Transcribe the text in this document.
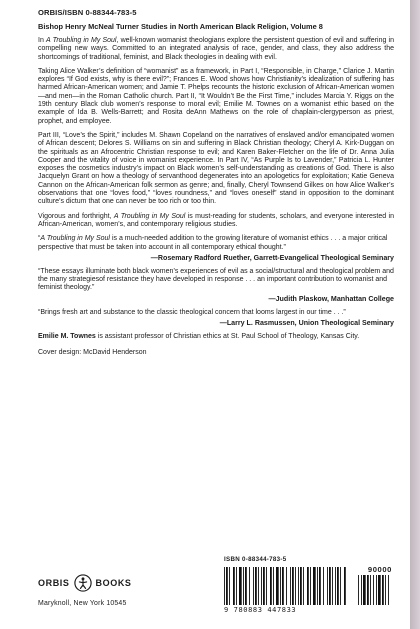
ORBIS/ISBN 0-88344-783-5
Bishop Henry McNeal Turner Studies in North American Black Religion, Volume 8

In A Troubling in My Soul, well-known womanist theologians explore the persistent question of evil and suffering in compelling new ways. Committed to an integrated analysis of race, gender, and class, they also address the shortcomings of traditional, feminist, and Black theologies in dealing with evil.

Taking Alice Walker’s definition of “womanist” as a framework, in Part I, “Responsible, in Charge,” Clarice J. Martin explores “If God exists, why is there evil?”; Frances E. Wood shows how Christianity’s idealization of suffering has harmed African-American women; and Jamie T. Phelps recounts the historic exclusion of African-American women—and men—in the Roman Catholic church. Part II, “It Wouldn’t Be the First Time,” includes Marcia Y. Riggs on the 19th century Black club women’s response to moral evil; Emilie M. Townes on a womanist ethic based on the example of Ida B. Wells-Barrett; and Rosita deAnn Mathews on the role of chaplain-clergyperson as priest, prophet, and employee.

Part III, “Love’s the Spirit,” includes M. Shawn Copeland on the narratives of enslaved and/or emancipated women of African descent; Delores S. Williams on sin and suffering in Black Christian theology; Cheryl A. Kirk-Duggan on the spirituals as an Afrocentric Christian response to evil; and Karen Baker-Fletcher on the life of Dr. Anna Julia Cooper and the vitality of voice in womanist experience. In Part IV, “As Purple Is to Lavender,” Patricia L. Hunter exposes the cosmetics industry’s impact on Black women’s self-understanding as creations of God. There is also Jacquelyn Grant on how a theology of servanthood degenerates into an apologetics for exploitation; Katie Geneva Cannon on the African-American folk sermon as genre; and, finally, Cheryl Townsend Gilkes on how Alice Walker’s observations that one “loves food,” “loves roundness,” and “loves oneself” stand in opposition to the dominant culture’s dictum that one can never be too rich or too thin.

Vigorous and forthright, A Troubling in My Soul is must-reading for students, scholars, and everyone interested in African-American, women’s, and contemporary religious studies.

“A Troubling in My Soul is a much-needed addition to the growing literature of womanist ethics . . . a major critical perspective that must be taken into account in all contemporary ethical thought.”

—Rosemary Radford Ruether, Garrett-Evangelical Theological Seminary

“These essays illuminate both black women’s experiences of evil as a social/structural and theological problem and the many strategiesof resistance they have developed in response . . . an important contribution to womanist and feminist theology.”

—Judith Plaskow, Manhattan College

“Brings fresh art and substance to the classic theological concern that looms largest in our time . . .”

—Larry L. Rasmussen, Union Theological Seminary

Emilie M. Townes is assistant professor of Christian ethics at St. Paul School of Theology, Kansas City.

Cover design: McDavid Henderson

ORBIS	BOOKS
Maryknoll, New York 10545
ISBN 0-88344-783-5
90000
9 780883 447833
